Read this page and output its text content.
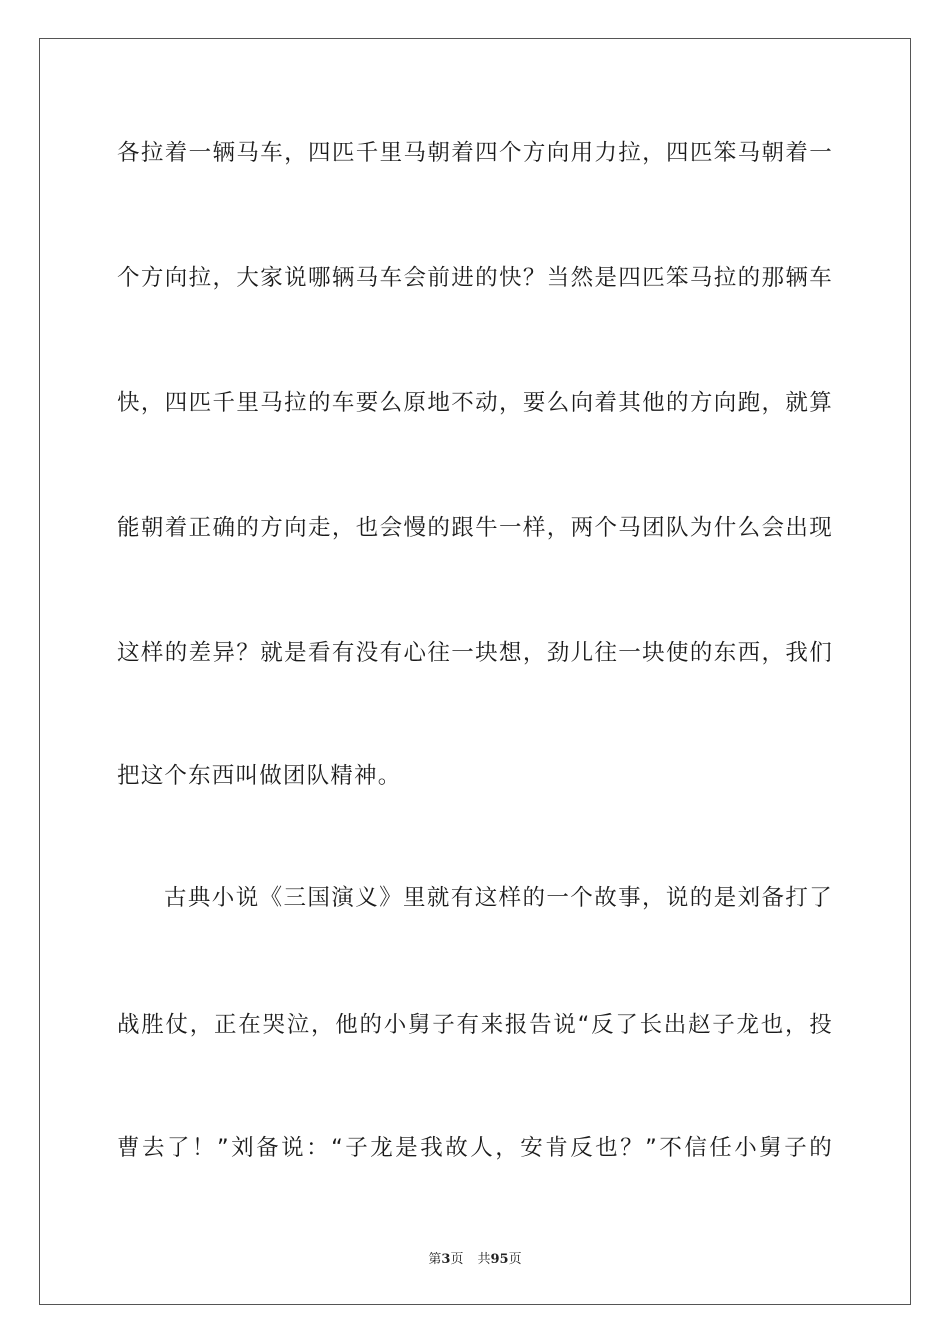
各拉着一辆马车，四匹千里马朝着四个方向用力拉，四匹笨马朝着一
个方向拉，大家说哪辆马车会前进的快？当然是四匹笨马拉的那辆车
快，四匹千里马拉的车要么原地不动，要么向着其他的方向跑，就算
能朝着正确的方向走，也会慢的跟牛一样，两个马团队为什么会出现
这样的差异？就是看有没有心往一块想，劲儿往一块使的东西，我们
把这个东西叫做团队精神。
古典小说《三国演义》里就有这样的一个故事，说的是刘备打了
战胜仗，正在哭泣，他的小舅子有来报告说“反了长出赵子龙也，投
曹去了！”刘备说：“子龙是我故人，安肯反也？”不信任小舅子的
第3页 共95页
